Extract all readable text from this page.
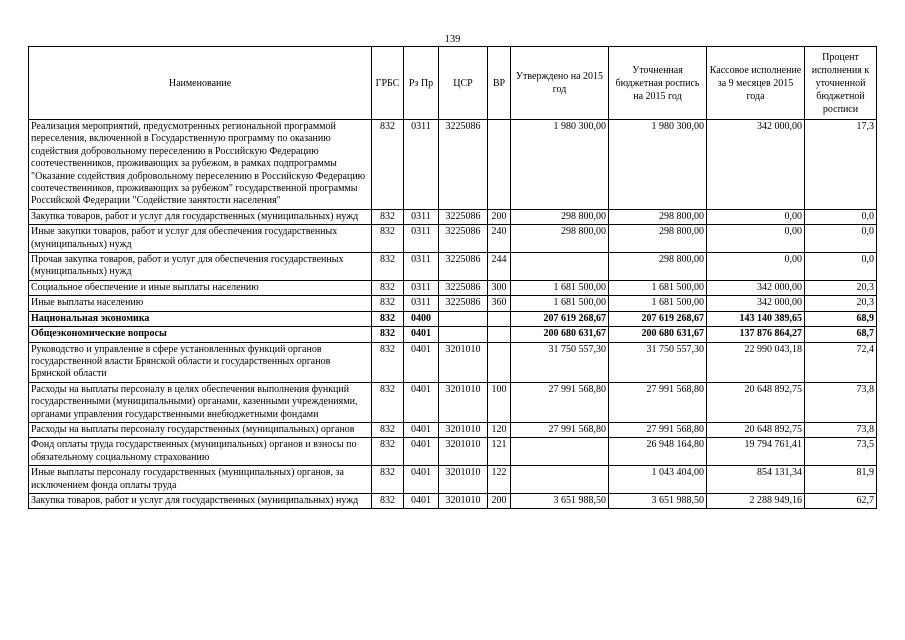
139
Наименование	ГРБС	Рз Пр	ЦСР	ВР	Утверждено на 2015 год	Уточненная бюджетная роспись на 2015 год	Кассовое исполнение за 9 месяцев 2015 года	Процент исполнения к уточненной бюджетной росписи
Реализация мероприятий, предусмотренных региональной программой переселения, включенной в Государственную программу по оказанию содействия добровольному переселению в Российскую Федерацию соотечественников, проживающих за рубежом, в рамках подпрограммы "Оказание содействия добровольному переселению в Российскую Федерацию соотечественников, проживающих за рубежом" государственной программы Российской Федерации "Содействие занятости населения"	832	0311	3225086		1 980 300,00	1 980 300,00	342 000,00	17,3
Закупка товаров, работ и услуг для государственных (муниципальных) нужд	832	0311	3225086	200	298 800,00	298 800,00	0,00	0,0
Иные закупки товаров, работ и услуг для обеспечения государственных (муниципальных) нужд	832	0311	3225086	240	298 800,00	298 800,00	0,00	0,0
Прочая закупка товаров, работ и услуг для обеспечения государственных (муниципальных) нужд	832	0311	3225086	244		298 800,00	0,00	0,0
Социальное обеспечение и иные выплаты населению	832	0311	3225086	300	1 681 500,00	1 681 500,00	342 000,00	20,3
Иные выплаты населению	832	0311	3225086	360	1 681 500,00	1 681 500,00	342 000,00	20,3
Национальная экономика	832	0400			207 619 268,67	207 619 268,67	143 140 389,65	68,9
Общеэкономические вопросы	832	0401			200 680 631,67	200 680 631,67	137 876 864,27	68,7
Руководство и управление в сфере установленных функций органов государственной власти Брянской области и государственных органов Брянской области	832	0401	3201010		31 750 557,30	31 750 557,30	22 990 043,18	72,4
Расходы на выплаты персоналу в целях обеспечения выполнения функций государственными (муниципальными) органами, казенными учреждениями, органами управления государственными внебюджетными фондами	832	0401	3201010	100	27 991 568,80	27 991 568,80	20 648 892,75	73,8
Расходы на выплаты персоналу государственных (муниципальных) органов	832	0401	3201010	120	27 991 568,80	27 991 568,80	20 648 892,75	73,8
Фонд оплаты труда государственных (муниципальных) органов и взносы по обязательному социальному страхованию	832	0401	3201010	121		26 948 164,80	19 794 761,41	73,5
Иные выплаты персоналу государственных (муниципальных) органов, за исключением фонда оплаты труда	832	0401	3201010	122		1 043 404,00	854 131,34	81,9
Закупка товаров, работ и услуг для государственных (муниципальных) нужд	832	0401	3201010	200	3 651 988,50	3 651 988,50	2 288 949,16	62,7
